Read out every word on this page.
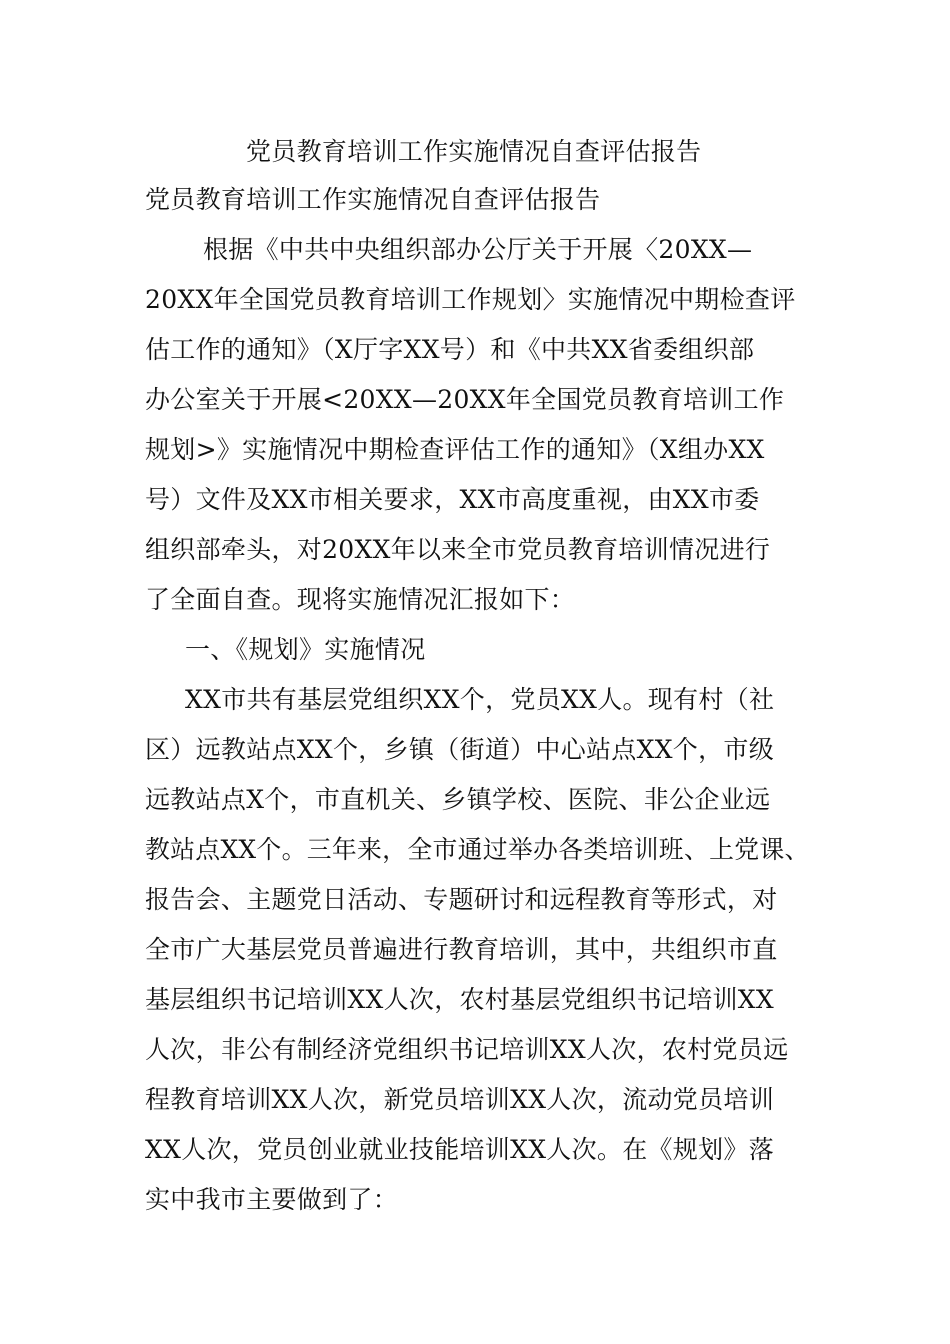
党员教育培训工作实施情况自查评估报告
党员教育培训工作实施情况自查评估报告
根据《中共中央组织部办公厅关于开展〈20XX—
20XX年全国党员教育培训工作规划〉实施情况中期检查评
估工作的通知》（X厅字XX号）和《中共XX省委组织部
办公室关于开展<20XX—20XX年全国党员教育培训工作
规划>》实施情况中期检查评估工作的通知》（X组办XX
号）文件及XX市相关要求，XX市高度重视，由XX市委
组织部牵头，对20XX年以来全市党员教育培训情况进行
了全面自查。现将实施情况汇报如下：
一、《规划》实施情况
XX市共有基层党组织XX个，党员XX人。现有村（社
区）远教站点XX个，乡镇（街道）中心站点XX个，市级
远教站点X个，市直机关、乡镇学校、医院、非公企业远
教站点XX个。三年来，全市通过举办各类培训班、上党课、
报告会、主题党日活动、专题研讨和远程教育等形式，对
全市广大基层党员普遍进行教育培训，其中，共组织市直
基层组织书记培训XX人次，农村基层党组织书记培训XX
人次，非公有制经济党组织书记培训XX人次，农村党员远
程教育培训XX人次，新党员培训XX人次，流动党员培训
XX人次，党员创业就业技能培训XX人次。在《规划》落
实中我市主要做到了：
